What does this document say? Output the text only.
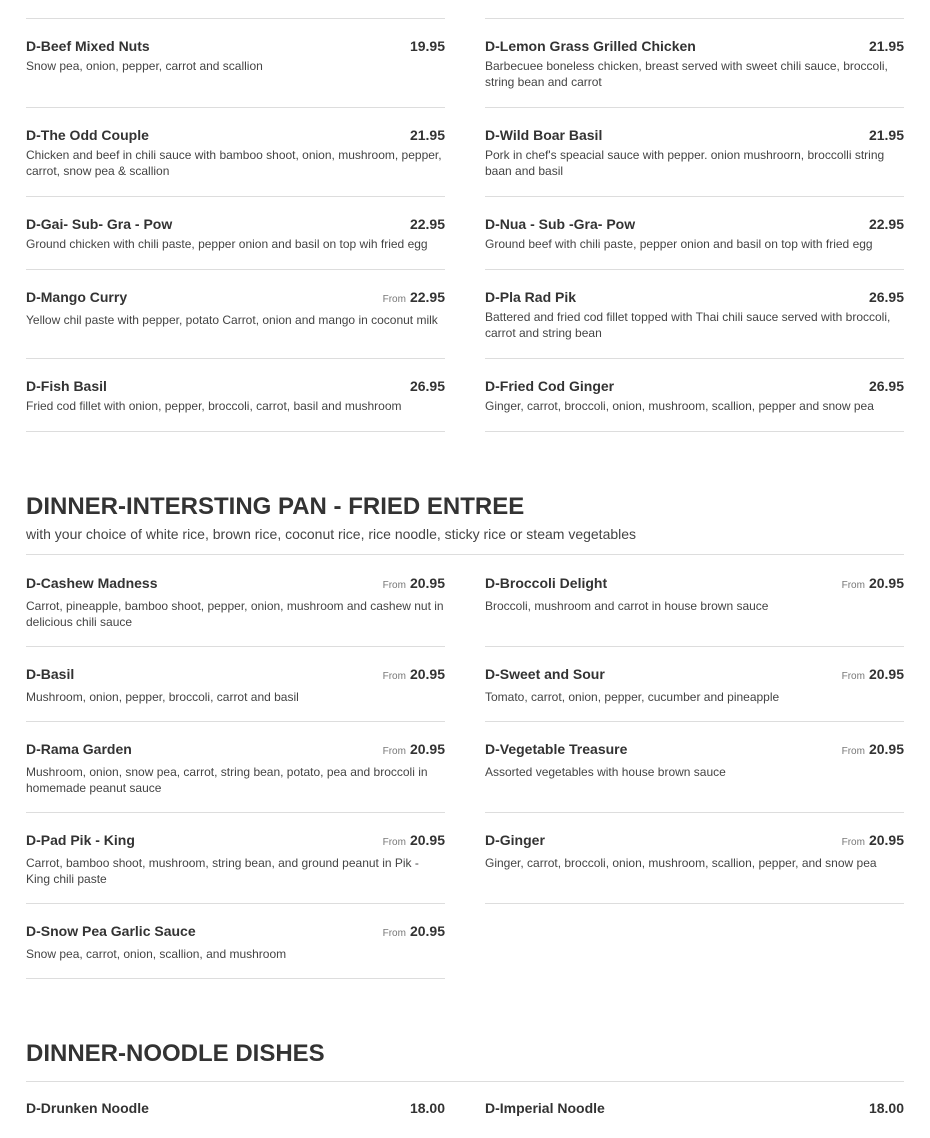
D-Beef Mixed Nuts	19.95
Snow pea, onion, pepper, carrot and scallion
D-The Odd Couple	21.95
Chicken and beef in chili sauce with bamboo shoot, onion, mushroom, pepper, carrot, snow pea & scallion
D-Gai- Sub- Gra - Pow	22.95
Ground chicken with chili paste, pepper onion and basil on top wih fried egg
D-Mango Curry	From 22.95
Yellow chil paste with pepper, potato Carrot, onion and mango in coconut milk
D-Fish Basil	26.95
Fried cod fillet with onion, pepper, broccoli, carrot, basil and mushroom
D-Lemon Grass Grilled Chicken	21.95
Barbecuee boneless chicken, breast served with sweet chili sauce, broccoli, string bean and carrot
D-Wild Boar Basil	21.95
Pork in chef's speacial sauce with pepper. onion mushroorn, broccolli string baan and basil
D-Nua - Sub -Gra- Pow	22.95
Ground beef with chili paste, pepper onion and basil on top with fried egg
D-Pla Rad Pik	26.95
Battered and fried cod fillet topped with Thai chili sauce served with broccoli, carrot and string bean
D-Fried Cod Ginger	26.95
Ginger, carrot, broccoli, onion, mushroom, scallion, pepper and snow pea
DINNER-INTERSTING PAN - FRIED ENTREE
with your choice of white rice, brown rice, coconut rice, rice noodle, sticky rice or steam vegetables
D-Cashew Madness	From 20.95
Carrot, pineapple, bamboo shoot, pepper, onion, mushroom and cashew nut in delicious chili sauce
D-Basil	From 20.95
Mushroom, onion, pepper, broccoli, carrot and basil
D-Rama Garden	From 20.95
Mushroom, onion, snow pea, carrot, string bean, potato, pea and broccoli in homemade peanut sauce
D-Pad Pik - King	From 20.95
Carrot, bamboo shoot, mushroom, string bean, and ground peanut in Pik - King chili paste
D-Snow Pea Garlic Sauce	From 20.95
Snow pea, carrot, onion, scallion, and mushroom
D-Broccoli Delight	From 20.95
Broccoli, mushroom and carrot in house brown sauce
D-Sweet and Sour	From 20.95
Tomato, carrot, onion, pepper, cucumber and pineapple
D-Vegetable Treasure	From 20.95
Assorted vegetables with house brown sauce
D-Ginger	From 20.95
Ginger, carrot, broccoli, onion, mushroom, scallion, pepper, and snow pea
DINNER-NOODLE DISHES
D-Drunken Noodle	18.00	D-Imperial Noodle	18.00
